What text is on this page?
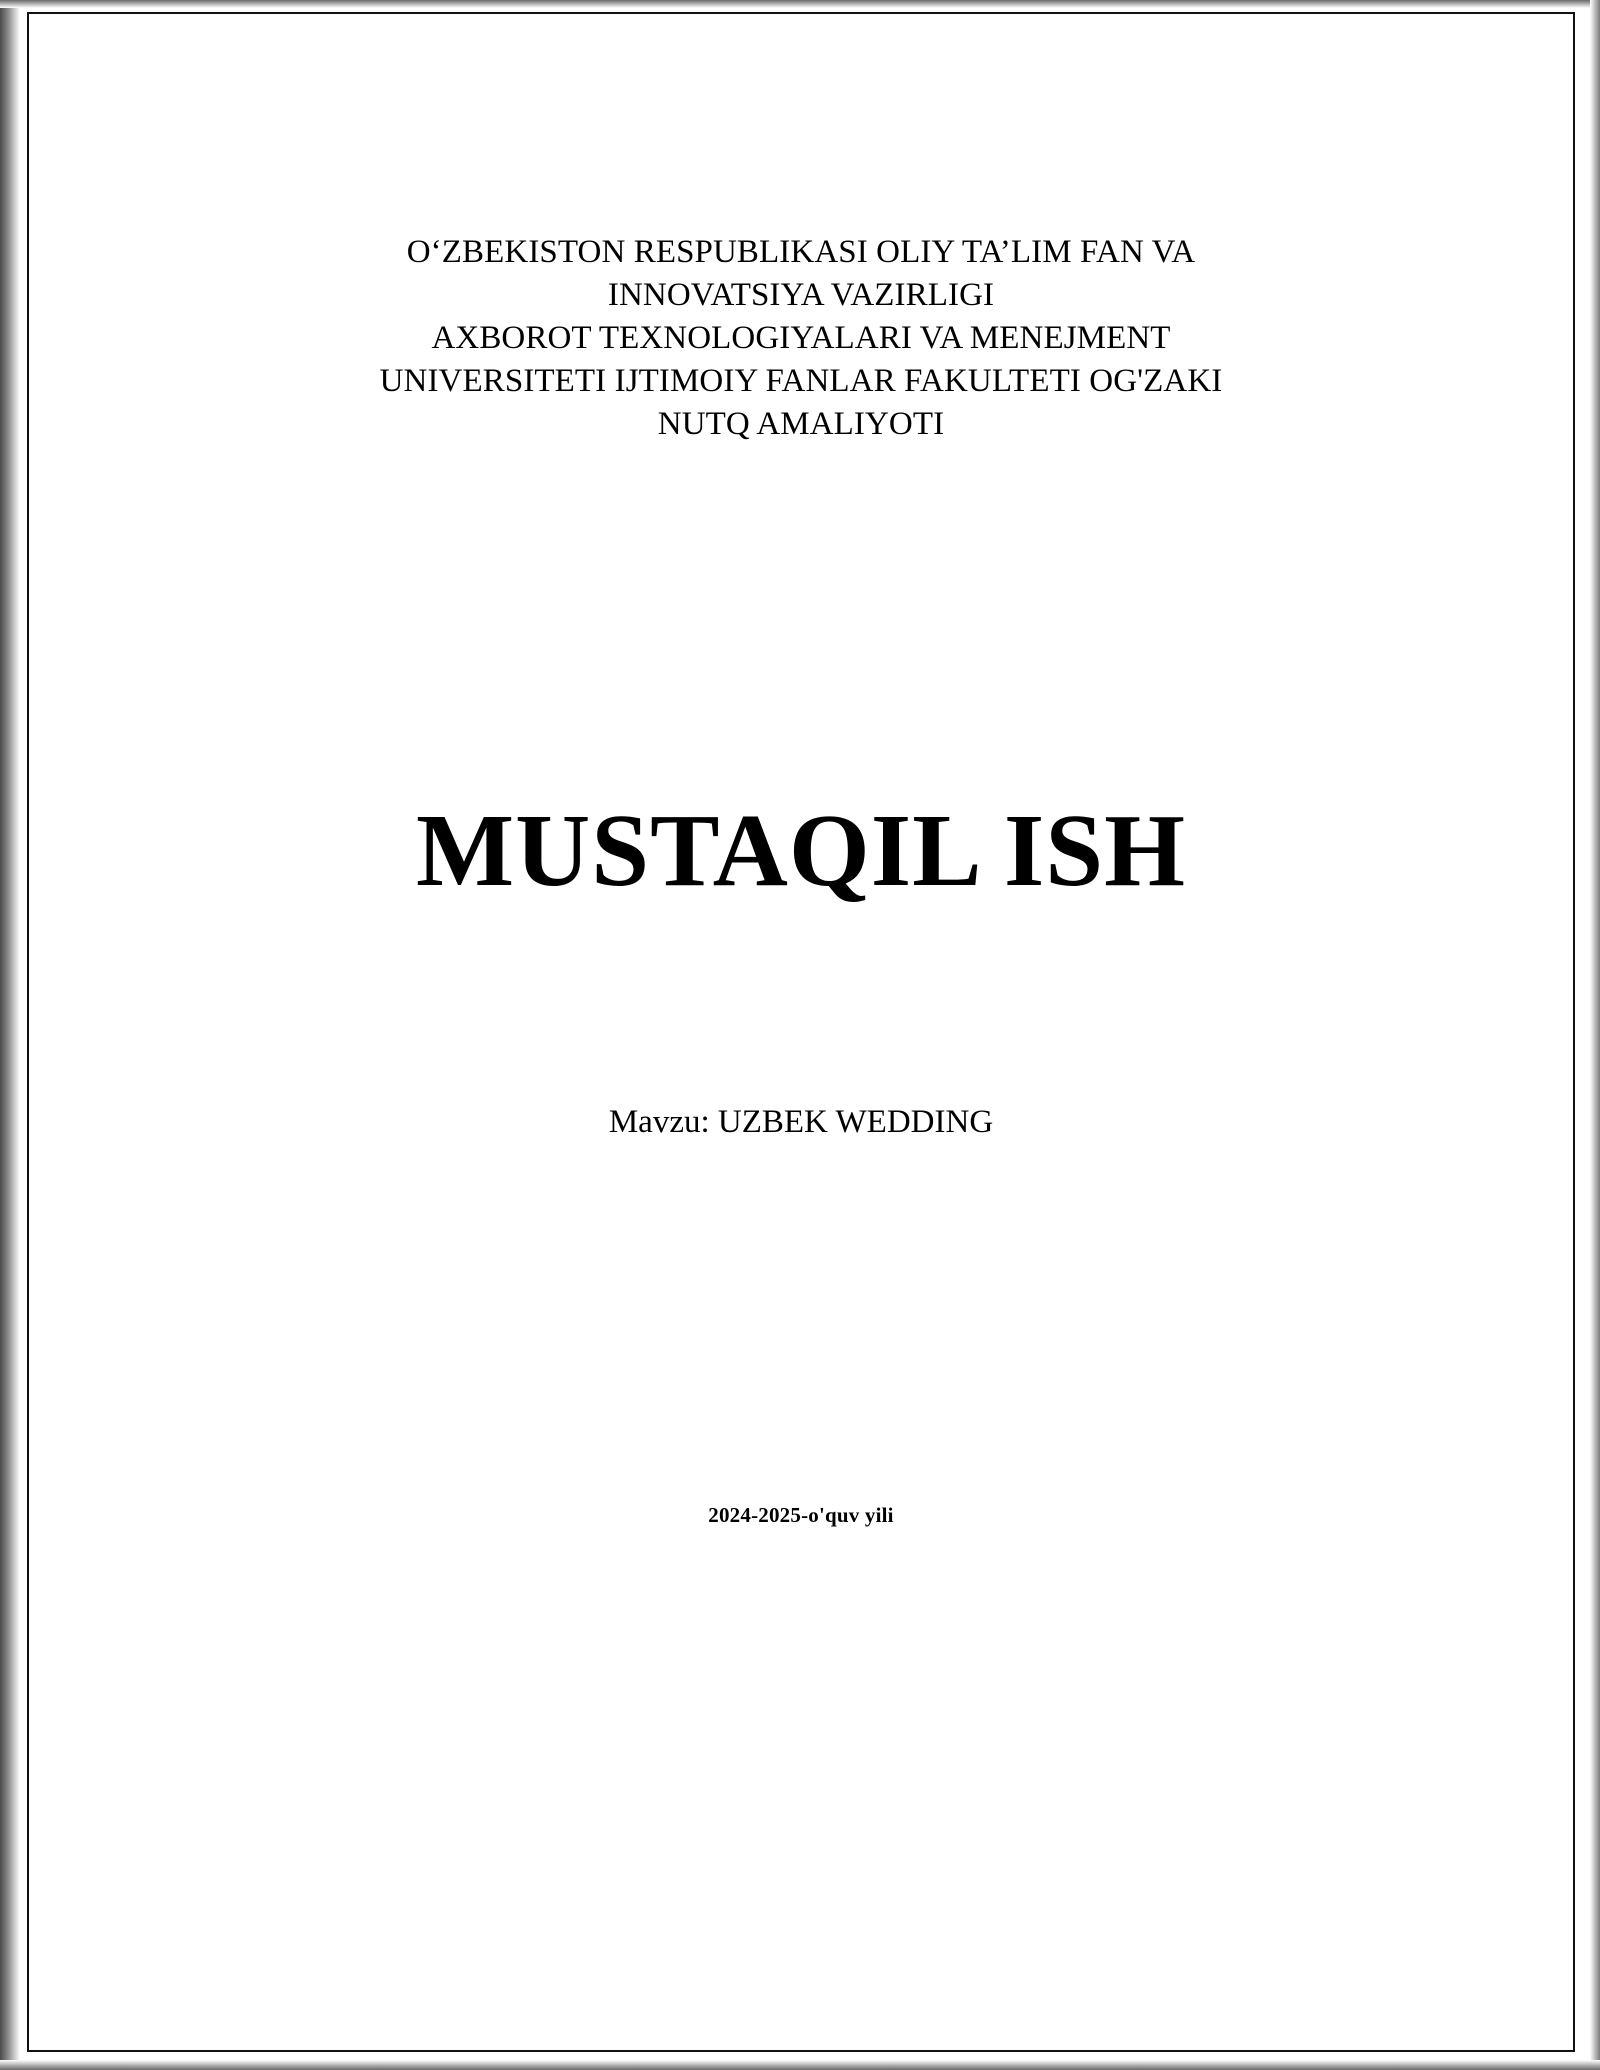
O‘ZBEKISTON RESPUBLIKASI OLIY TA’LIM FAN VA
INNOVATSIYA VAZIRLIGI
AXBOROT TEXNOLOGIYALARI VA MENEJMENT
UNIVERSITETI IJTIMOIY FANLAR FAKULTETI OG'ZAKI
NUTQ AMALIYOTI
MUSTAQIL ISH
Mavzu: UZBEK WEDDING
2024-2025-o'quv yili
